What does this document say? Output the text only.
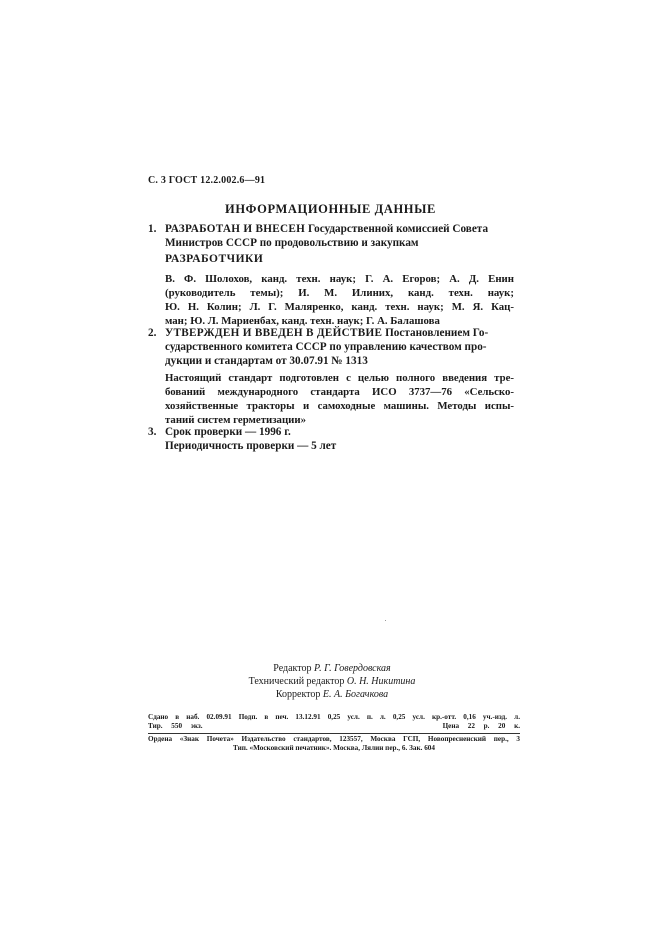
С. 3 ГОСТ 12.2.002.6—91
ИНФОРМАЦИОННЫЕ ДАННЫЕ
1. РАЗРАБОТАН И ВНЕСЕН Государственной комиссией Совета
Министров СССР по продовольствию и закупкам
РАЗРАБОТЧИКИ
В. Ф. Шолохов, канд. техн. наук; Г. А. Егоров; А. Д. Енин
(руководитель темы); И. М. Илиних, канд. техн. наук;
Ю. Н. Колин; Л. Г. Маляренко, канд. техн. наук; М. Я. Кац-
ман; Ю. Л. Мариенбах, канд. техн. наук; Г. А. Балашова
2. УТВЕРЖДЕН И ВВЕДЕН В ДЕЙСТВИЕ Постановлением Го-
сударственного комитета СССР по управлению качеством про-
дукции и стандартам от 30.07.91 № 1313
Настоящий стандарт подготовлен с целью полного введения тре-
бований международного стандарта ИСО 3737—76 «Сельско-
хозяйственные тракторы и самоходные машины. Методы испы-
таний систем герметизации»
3. Срок проверки — 1996 г.
Периодичность проверки — 5 лет
Редактор Р. Г. Говердовская
Технический редактор О. Н. Никитина
Корректор Е. А. Богачкова
Сдано в наб. 02.09.91 Подп. в печ. 13.12.91 0,25 усл. п. л. 0,25 усл. кр.-отт. 0,16 уч.-изд. л.
Тир. 550 экз.	Цена 22 р. 20 к.
Ордена «Знак Почета» Издательство стандартов, 123557, Москва ГСП, Новопресненский пер., 3
Тип. «Московский печатник». Москва, Лялин пер., 6. Зак. 604
